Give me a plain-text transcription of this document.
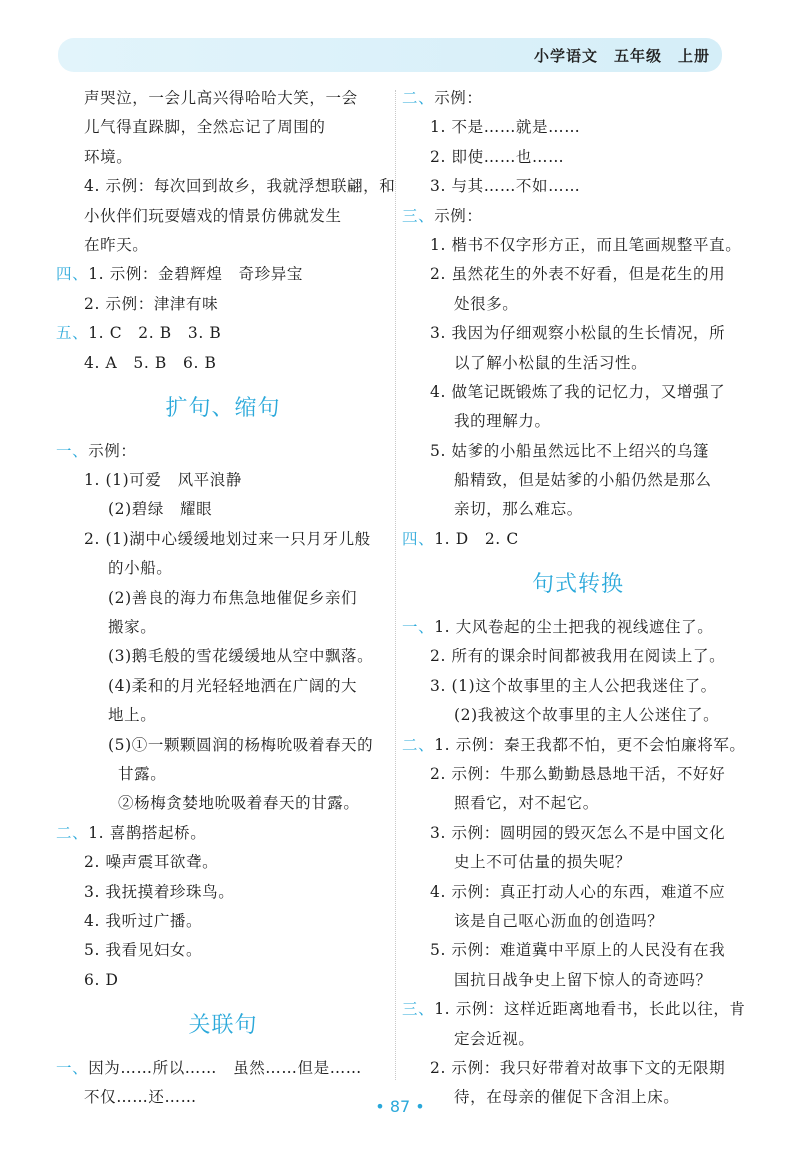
小学语文　五年级　上册
声哭泣，一会儿高兴得哈哈大笑，一会
儿气得直跺脚，全然忘记了周围的
环境。
4. 示例：每次回到故乡，我就浮想联翩，和
小伙伴们玩耍嬉戏的情景仿佛就发生
在昨天。
四、1. 示例：金碧辉煌　奇珍异宝
2. 示例：津津有味
五、1. C　2. B　3. B
4. A　5. B　6. B
扩句、缩句
一、示例：
1. (1)可爱　风平浪静
(2)碧绿　耀眼
2. (1)湖中心缓缓地划过来一只月牙儿般
的小船。
(2)善良的海力布焦急地催促乡亲们
搬家。
(3)鹅毛般的雪花缓缓地从空中飘落。
(4)柔和的月光轻轻地洒在广阔的大
地上。
(5)①一颗颗圆润的杨梅吮吸着春天的
甘露。
②杨梅贪婪地吮吸着春天的甘露。
二、1. 喜鹊搭起桥。
2. 噪声震耳欲聋。
3. 我抚摸着珍珠鸟。
4. 我听过广播。
5. 我看见妇女。
6. D
关联句
一、因为……所以……　虽然……但是……
不仅……还……
二、示例：
1. 不是……就是……
2. 即使……也……
3. 与其……不如……
三、示例：
1. 楷书不仅字形方正，而且笔画规整平直。
2. 虽然花生的外表不好看，但是花生的用
处很多。
3. 我因为仔细观察小松鼠的生长情况，所
以了解小松鼠的生活习性。
4. 做笔记既锻炼了我的记忆力，又增强了
我的理解力。
5. 姑爹的小船虽然远比不上绍兴的乌篷
船精致，但是姑爹的小船仍然是那么
亲切，那么难忘。
四、1. D　2. C
句式转换
一、1. 大风卷起的尘土把我的视线遮住了。
2. 所有的课余时间都被我用在阅读上了。
3. (1)这个故事里的主人公把我迷住了。
(2)我被这个故事里的主人公迷住了。
二、1. 示例：秦王我都不怕，更不会怕廉将军。
2. 示例：牛那么勤勤恳恳地干活，不好好
照看它，对不起它。
3. 示例：圆明园的毁灭怎么不是中国文化
史上不可估量的损失呢？
4. 示例：真正打动人心的东西，难道不应
该是自己呕心沥血的创造吗？
5. 示例：难道冀中平原上的人民没有在我
国抗日战争史上留下惊人的奇迹吗？
三、1. 示例：这样近距离地看书，长此以往，肯
定会近视。
2. 示例：我只好带着对故事下文的无限期
待，在母亲的催促下含泪上床。
• 87 •
